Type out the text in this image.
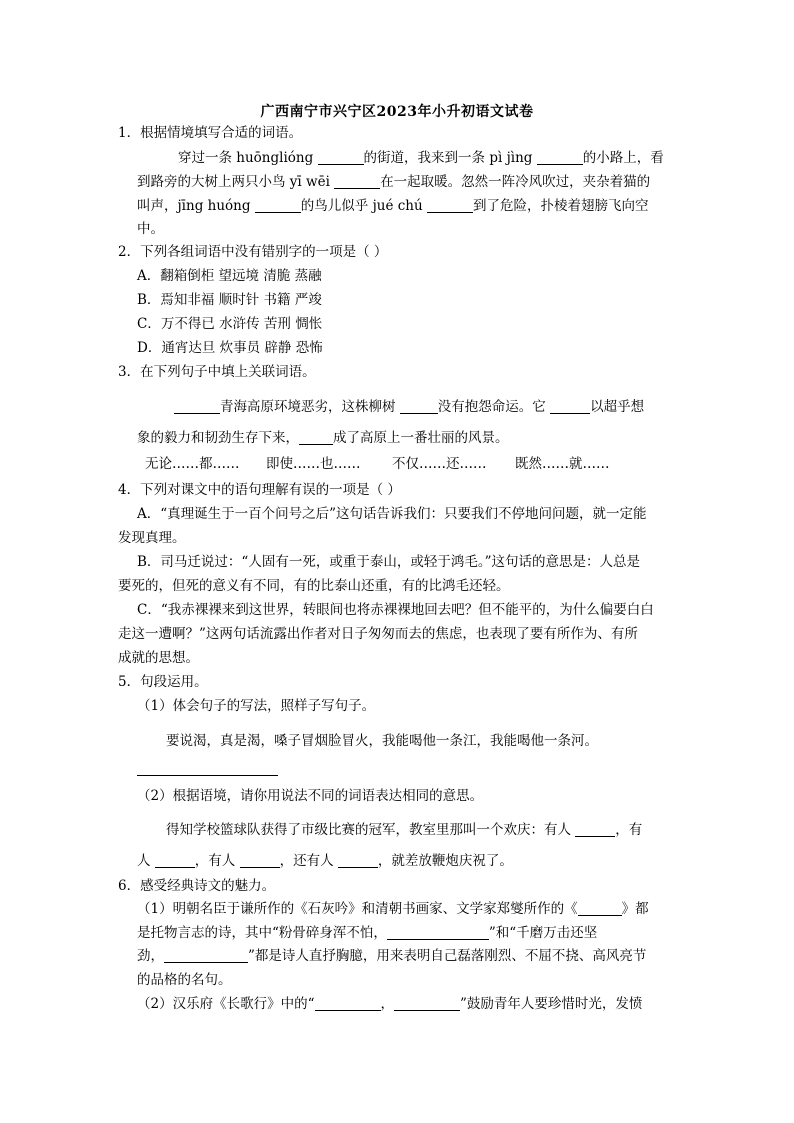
广西南宁市兴宁区2023年小升初语文试卷
1．根据情境填写合适的词语。
穿过一条 huōnglióng	的街道，我来到一条 pì jìng	的小路上，看
到路旁的大树上两只小鸟 yī wēi	在一起取暖。忽然一阵冷风吹过，夹杂着猫的
叫声，jīng huóng	的鸟儿似乎 jué chú	到了危险，扑棱着翅膀飞向空
中。
2．下列各组词语中没有错别字的一项是（ ）
A．翻箱倒柜 望远境 清脆 蒸融
B．焉知非福 顺时针 书籍 严竣
C．万不得已 水浒传 苦刑 惆怅
D．通宵达旦 炊事员 辟静 恐怖
3．在下列句子中填上关联词语。
青海高原环境恶劣，这株柳树	没有抱怨命运。它	以超乎想
象的毅力和韧劲生存下来，	成了高原上一番壮丽的风景。
无论……都…… 即使……也…… 不仅……还…… 既然……就……
4．下列对课文中的语句理解有误的一项是（ ）
A．“真理诞生于一百个问号之后”这句话告诉我们：只要我们不停地问问题，就一定能
发现真理。
B．司马迁说过：“人固有一死，或重于泰山，或轻于鸿毛。”这句话的意思是：人总是
要死的，但死的意义有不同，有的比泰山还重，有的比鸿毛还轻。
C．“我赤裸裸来到这世界，转眼间也将赤裸裸地回去吧？但不能平的，为什么偏要白白
走这一遭啊？”这两句话流露出作者对日子匆匆而去的焦虑，也表现了要有所作为、有所
成就的思想。
5．句段运用。
（1）体会句子的写法，照样子写句子。
要说渴，真是渴，嗓子冒烟脸冒火，我能喝他一条江，我能喝他一条河。
（2）根据语境，请你用说法不同的词语表达相同的意思。
得知学校篮球队获得了市级比赛的冠军，教室里那叫一个欢庆：有人	，有
人	，有人	，还有人	，就差放鞭炮庆祝了。
6．感受经典诗文的魅力。
（1）明朝名臣于谦所作的《石灰吟》和清朝书画家、文学家郑燮所作的《	》都
是托物言志的诗，其中“粉骨碎身浑不怕，	”和“千磨万击还坚
劲，	”都是诗人直抒胸臆，用来表明自己磊落刚烈、不屈不挠、高风亮节
的品格的名句。
（2）汉乐府《长歌行》中的“	，	”鼓励青年人要珍惜时光，发愤
